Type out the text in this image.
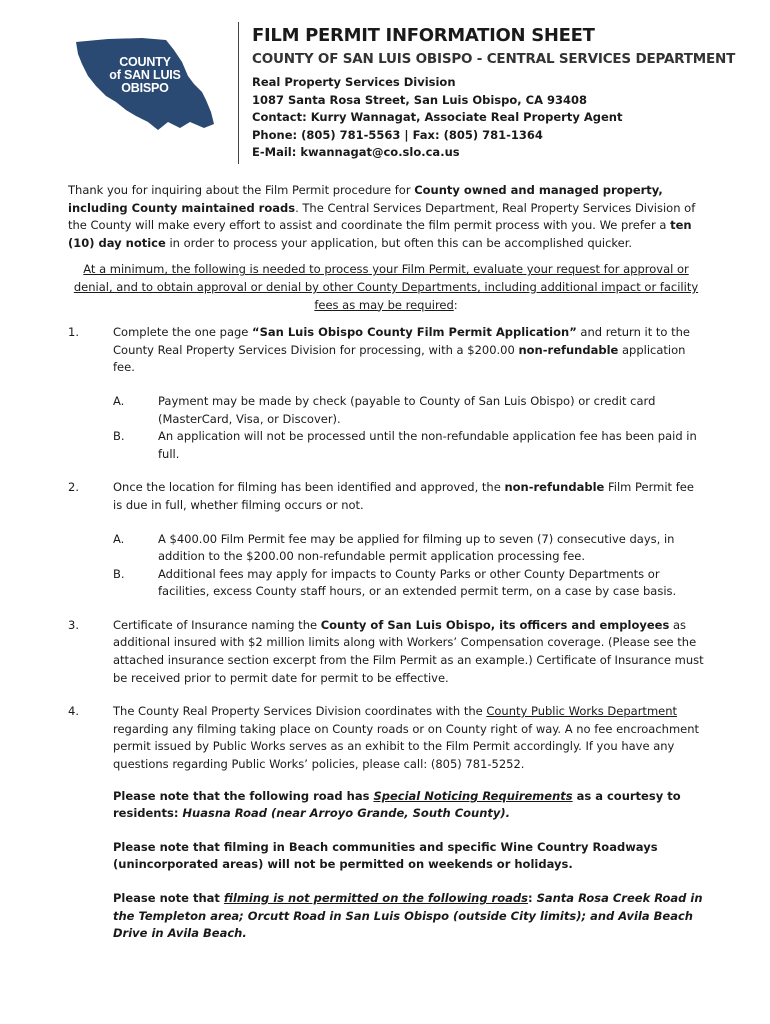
COUNTY
of SAN LUIS
OBISPO
FILM PERMIT INFORMATION SHEET
COUNTY OF SAN LUIS OBISPO - CENTRAL SERVICES DEPARTMENT
Real Property Services Division
1087 Santa Rosa Street, San Luis Obispo, CA 93408
Contact: Kurry Wannagat, Associate Real Property Agent
Phone: (805) 781-5563 | Fax: (805) 781-1364
E-Mail: kwannagat@co.slo.ca.us

Thank you for inquiring about the Film Permit procedure for County owned and managed property, including County maintained roads. The Central Services Department, Real Property Services Division of the County will make every effort to assist and coordinate the film permit process with you. We prefer a ten (10) day notice in order to process your application, but often this can be accomplished quicker.

At a minimum, the following is needed to process your Film Permit, evaluate your request for approval or denial, and to obtain approval or denial by other County Departments, including additional impact or facility fees as may be required:

1.	Complete the one page “San Luis Obispo County Film Permit Application” and return it to the County Real Property Services Division for processing, with a $200.00 non-refundable application fee.

A.	Payment may be made by check (payable to County of San Luis Obispo) or credit card (MasterCard, Visa, or Discover).
B.	An application will not be processed until the non-refundable application fee has been paid in full.
2.	Once the location for filming has been identified and approved, the non-refundable Film Permit fee is due in full, whether filming occurs or not.

A.	A $400.00 Film Permit fee may be applied for filming up to seven (7) consecutive days, in addition to the $200.00 non-refundable permit application processing fee.
B.	Additional fees may apply for impacts to County Parks or other County Departments or facilities, excess County staff hours, or an extended permit term, on a case by case basis.
3.	Certificate of Insurance naming the County of San Luis Obispo, its officers and employees as additional insured with $2 million limits along with Workers’ Compensation coverage. (Please see the attached insurance section excerpt from the Film Permit as an example.) Certificate of Insurance must be received prior to permit date for permit to be effective.

4.	The County Real Property Services Division coordinates with the County Public Works Department regarding any filming taking place on County roads or on County right of way. A no fee encroachment permit issued by Public Works serves as an exhibit to the Film Permit accordingly. If you have any questions regarding Public Works’ policies, please call: (805) 781-5252.

Please note that the following road has Special Noticing Requirements as a courtesy to residents: Huasna Road (near Arroyo Grande, South County).

Please note that filming in Beach communities and specific Wine Country Roadways (unincorporated areas) will not be permitted on weekends or holidays.

Please note that filming is not permitted on the following roads: Santa Rosa Creek Road in the Templeton area; Orcutt Road in San Luis Obispo (outside City limits); and Avila Beach Drive in Avila Beach.
